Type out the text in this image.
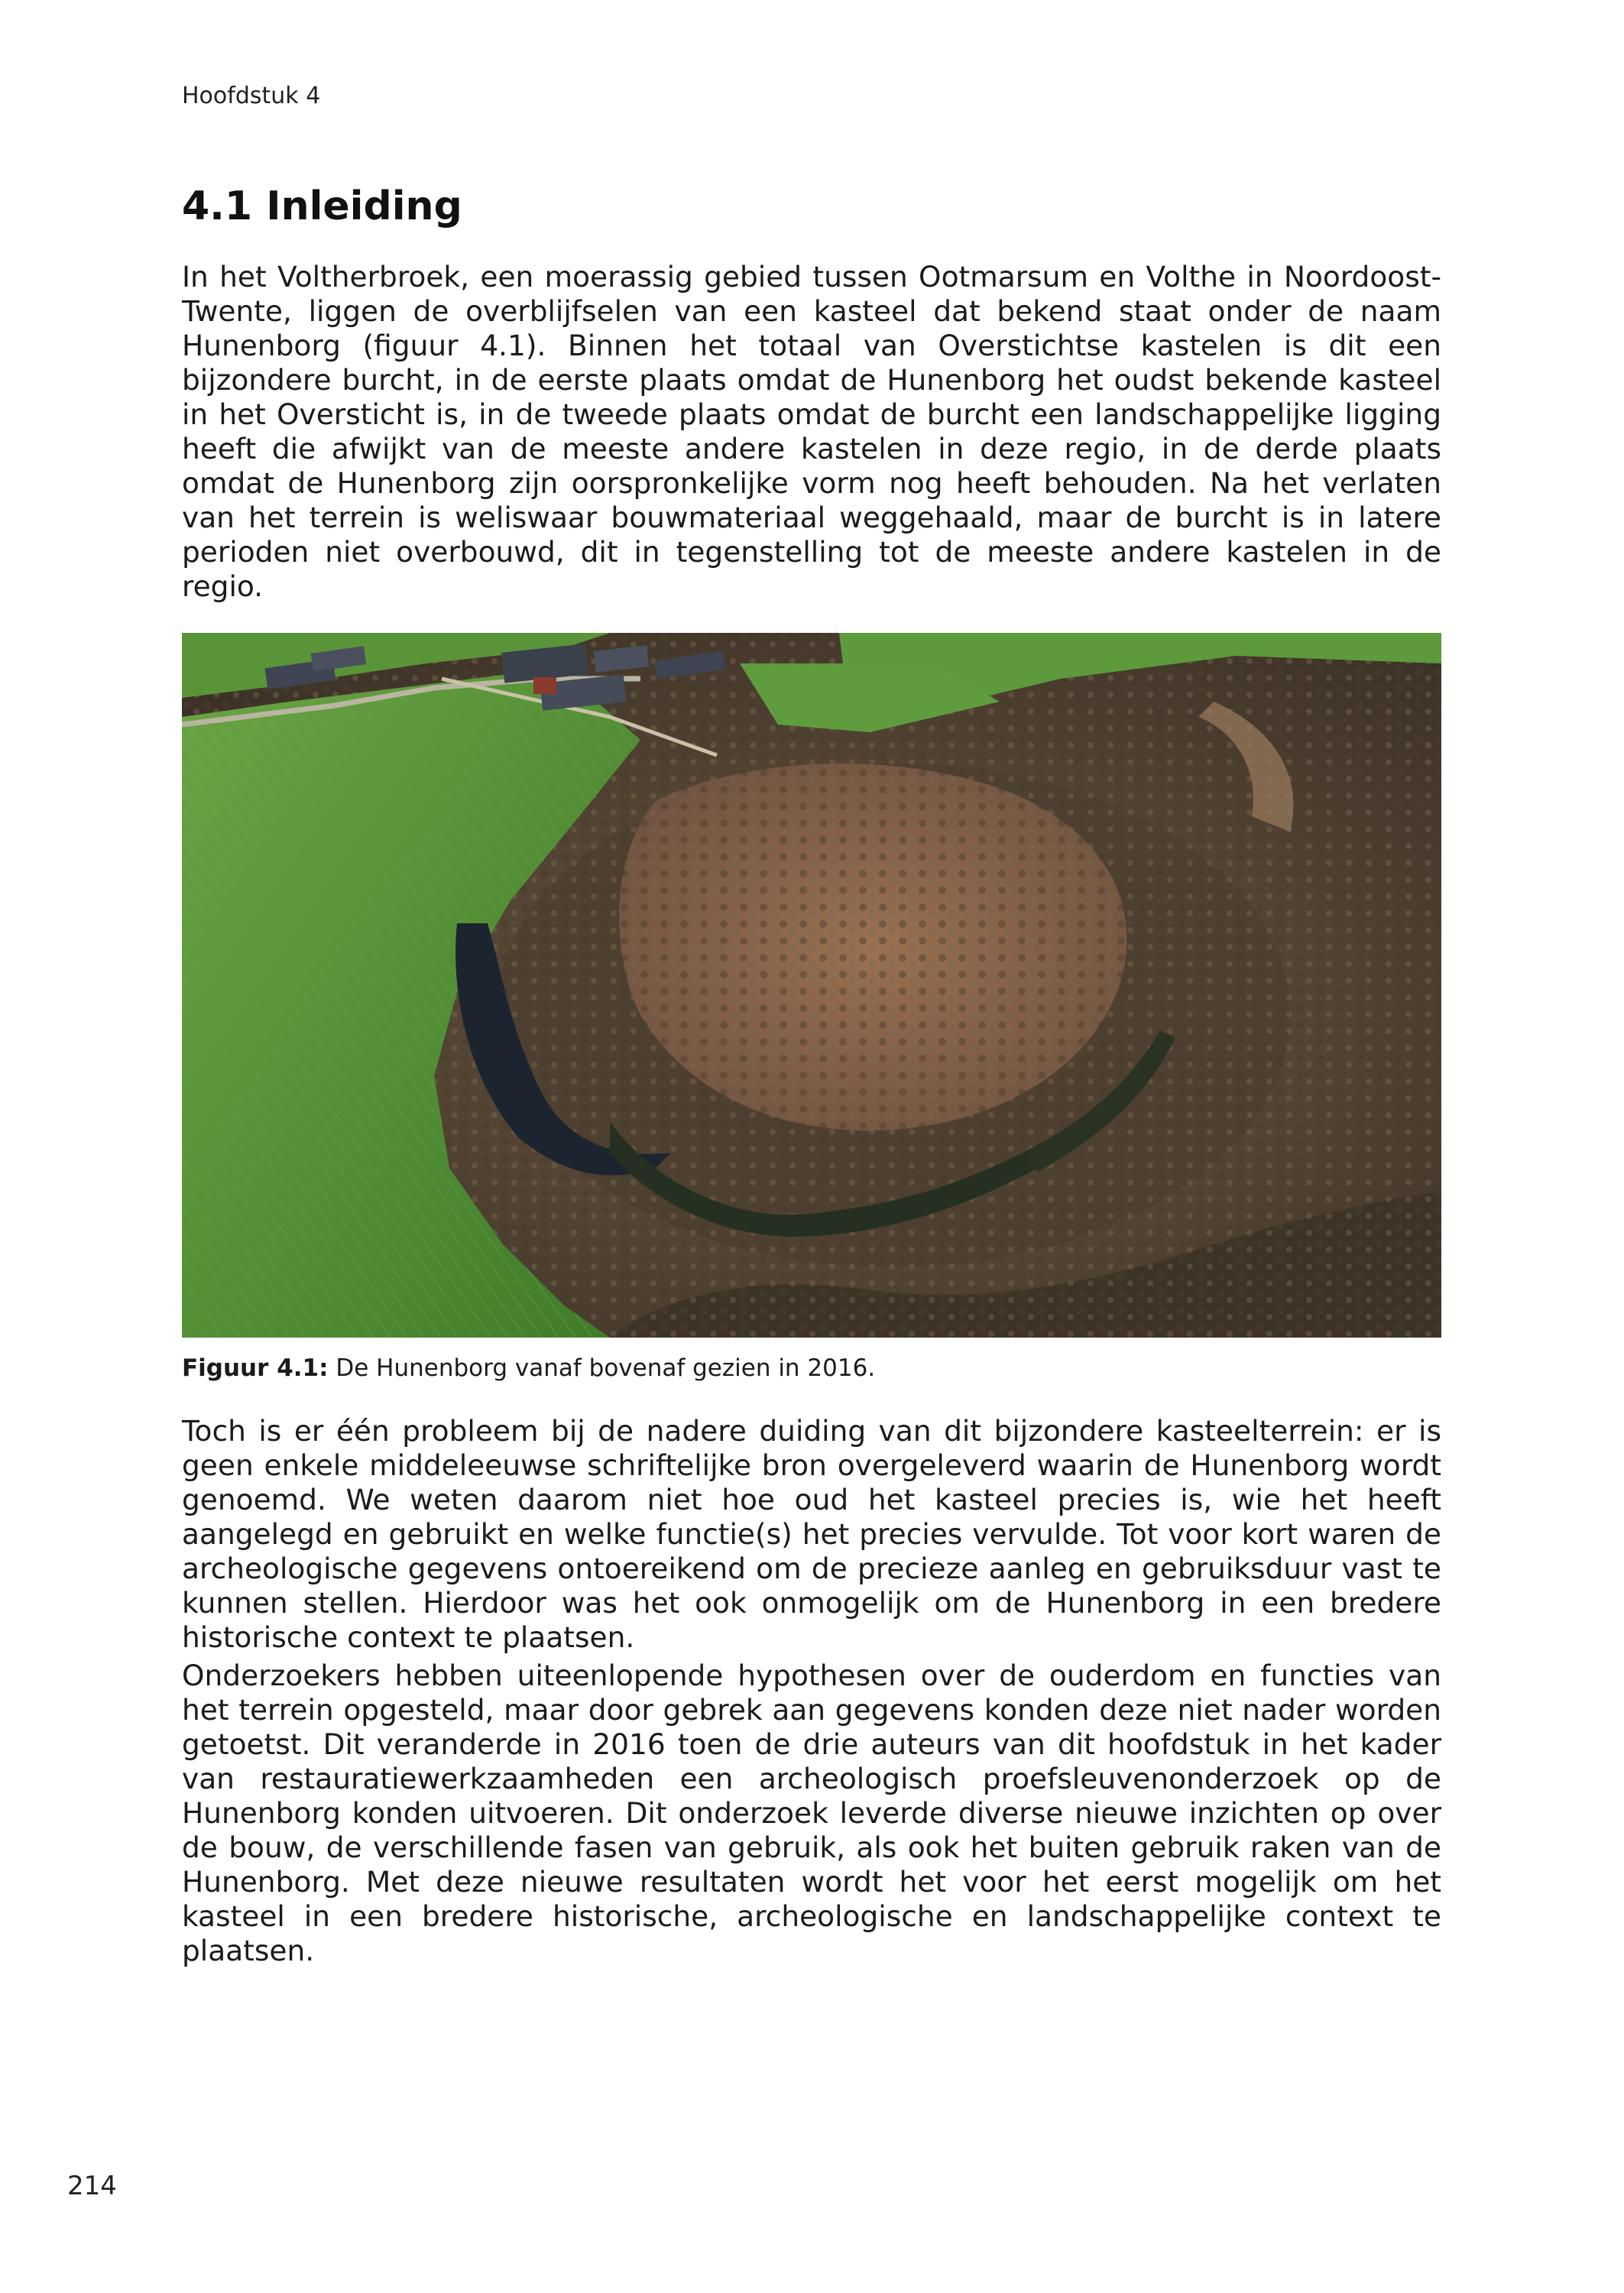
Hoofdstuk 4
4.1 Inleiding

In het Voltherbroek, een moerassig gebied tussen Ootmarsum en Volthe in Noordoost-Twente, liggen de overblijfselen van een kasteel dat bekend staat onder de naam Hunenborg (figuur 4.1). Binnen het totaal van Overstichtse kastelen is dit een bijzondere burcht, in de eerste plaats omdat de Hunenborg het oudst bekende kasteel in het Oversticht is, in de tweede plaats omdat de burcht een landschappelijke ligging heeft die afwijkt van de meeste andere kastelen in deze regio, in de derde plaats omdat de Hunenborg zijn oorspronkelijke vorm nog heeft behouden. Na het verlaten van het terrein is weliswaar bouwmateriaal weggehaald, maar de burcht is in latere perioden niet overbouwd, dit in tegenstelling tot de meeste andere kastelen in de regio.

Figuur 4.1: De Hunenborg vanaf bovenaf gezien in 2016.

Toch is er één probleem bij de nadere duiding van dit bijzondere kasteelterrein: er is geen enkele middeleeuwse schriftelijke bron overgeleverd waarin de Hunenborg wordt genoemd. We weten daarom niet hoe oud het kasteel precies is, wie het heeft aangelegd en gebruikt en welke functie(s) het precies vervulde. Tot voor kort waren de archeologische gegevens ontoereikend om de precieze aanleg en gebruiksduur vast te kunnen stellen. Hierdoor was het ook onmogelijk om de Hunenborg in een bredere historische context te plaatsen.

Onderzoekers hebben uiteenlopende hypothesen over de ouderdom en functies van het terrein opgesteld, maar door gebrek aan gegevens konden deze niet nader worden getoetst. Dit veranderde in 2016 toen de drie auteurs van dit hoofdstuk in het kader van restauratiewerkzaamheden een archeologisch proefsleuvenonderzoek op de Hunenborg konden uitvoeren. Dit onderzoek leverde diverse nieuwe inzichten op over de bouw, de verschillende fasen van gebruik, als ook het buiten gebruik raken van de Hunenborg. Met deze nieuwe resultaten wordt het voor het eerst mogelijk om het kasteel in een bredere historische, archeologische en landschappelijke context te plaatsen.

214
